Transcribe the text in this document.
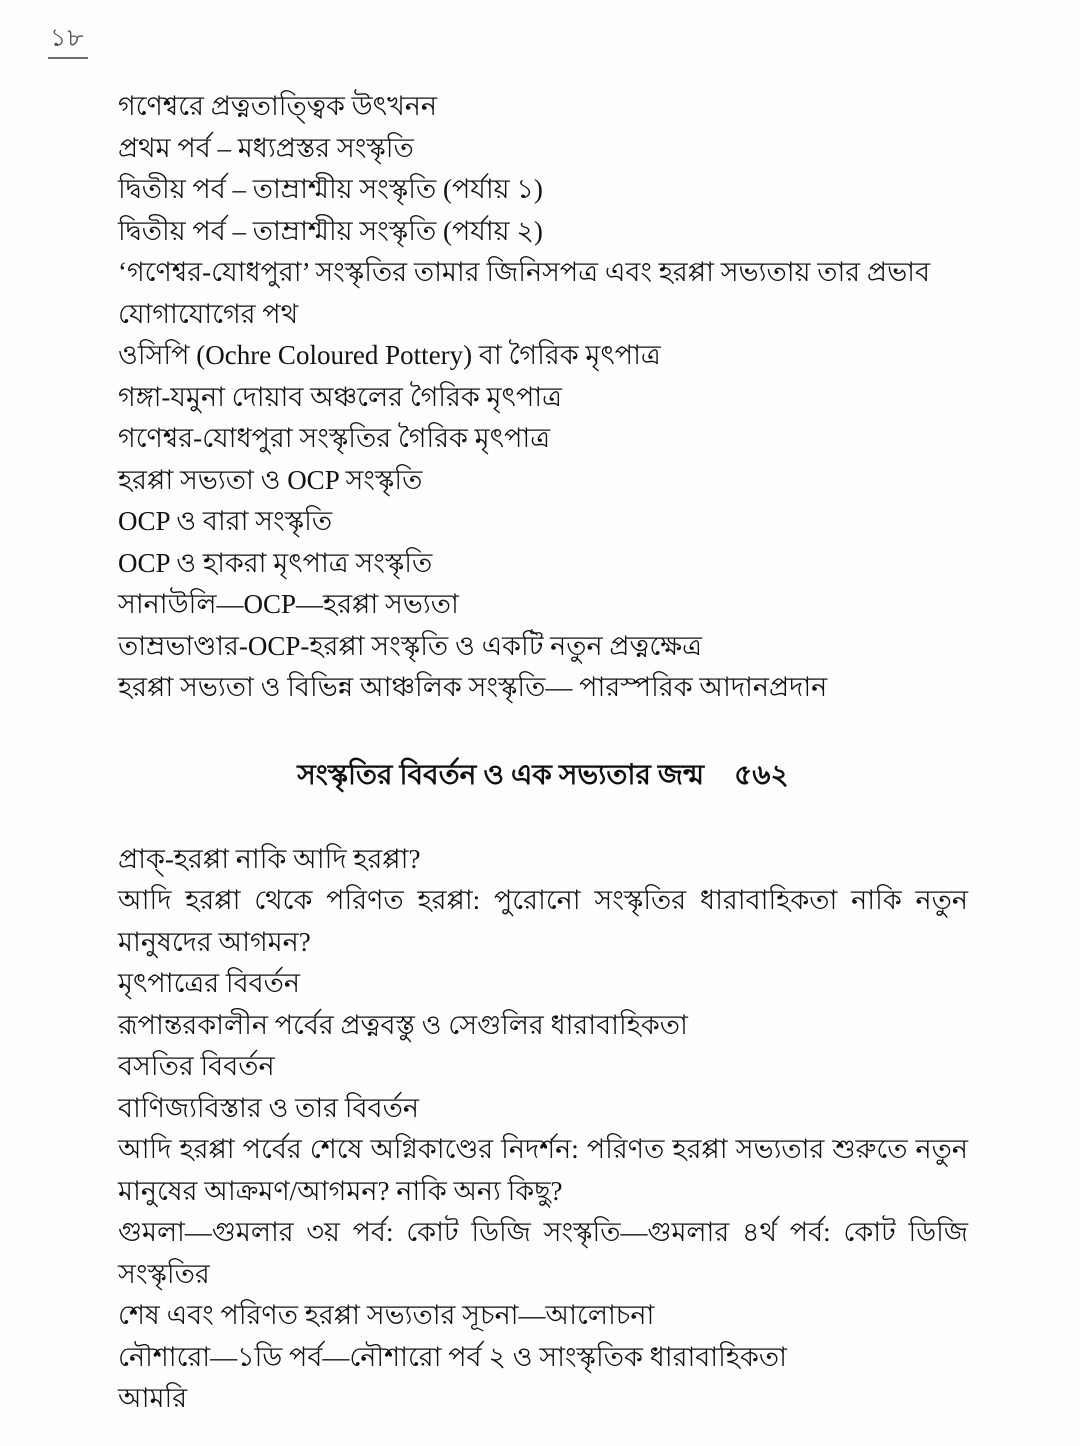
১৮
গণেশ্বরে প্রত্নতাত্ত্বিক উৎখনন
প্রথম পর্ব – মধ্যপ্রস্তর সংস্কৃতি
দ্বিতীয় পর্ব – তাম্রাশ্মীয় সংস্কৃতি (পর্যায় ১)
দ্বিতীয় পর্ব – তাম্রাশ্মীয় সংস্কৃতি (পর্যায় ২)
‘গণেশ্বর-যোধপুরা’ সংস্কৃতির তামার জিনিসপত্র এবং হরপ্পা সভ্যতায় তার প্রভাব
যোগাযোগের পথ
ওসিপি (Ochre Coloured Pottery) বা গৈরিক মৃৎপাত্র
গঙ্গা-যমুনা দোয়াব অঞ্চলের গৈরিক মৃৎপাত্র
গণেশ্বর-যোধপুরা সংস্কৃতির গৈরিক মৃৎপাত্র
হরপ্পা সভ্যতা ও OCP সংস্কৃতি
OCP ও বারা সংস্কৃতি
OCP ও হাকরা মৃৎপাত্র সংস্কৃতি
সানাউলি—OCP—হরপ্পা সভ্যতা
তাম্রভাণ্ডার-OCP-হরপ্পা সংস্কৃতি ও একটি নতুন প্রত্নক্ষেত্র
হরপ্পা সভ্যতা ও বিভিন্ন আঞ্চলিক সংস্কৃতি— পারস্পরিক আদানপ্রদান
সংস্কৃতির বিবর্তন ও এক সভ্যতার জন্ম ৫৬২
প্রাক্-হরপ্পা নাকি আদি হরপ্পা?
আদি হরপ্পা থেকে পরিণত হরপ্পা: পুরোনো সংস্কৃতির ধারাবাহিকতা নাকি নতুন
মানুষদের আগমন?
মৃৎপাত্রের বিবর্তন
রূপান্তরকালীন পর্বের প্রত্নবস্তু ও সেগুলির ধারাবাহিকতা
বসতির বিবর্তন
বাণিজ্যবিস্তার ও তার বিবর্তন
আদি হরপ্পা পর্বের শেষে অগ্নিকাণ্ডের নিদর্শন: পরিণত হরপ্পা সভ্যতার শুরুতে নতুন
মানুষের আক্রমণ/আগমন? নাকি অন্য কিছু?
গুমলা—গুমলার ৩য় পর্ব: কোট ডিজি সংস্কৃতি—গুমলার ৪র্থ পর্ব: কোট ডিজি সংস্কৃতির
শেষ এবং পরিণত হরপ্পা সভ্যতার সূচনা—আলোচনা
নৌশারো—১ডি পর্ব—নৌশারো পর্ব ২ ও সাংস্কৃতিক ধারাবাহিকতা
আমরি
